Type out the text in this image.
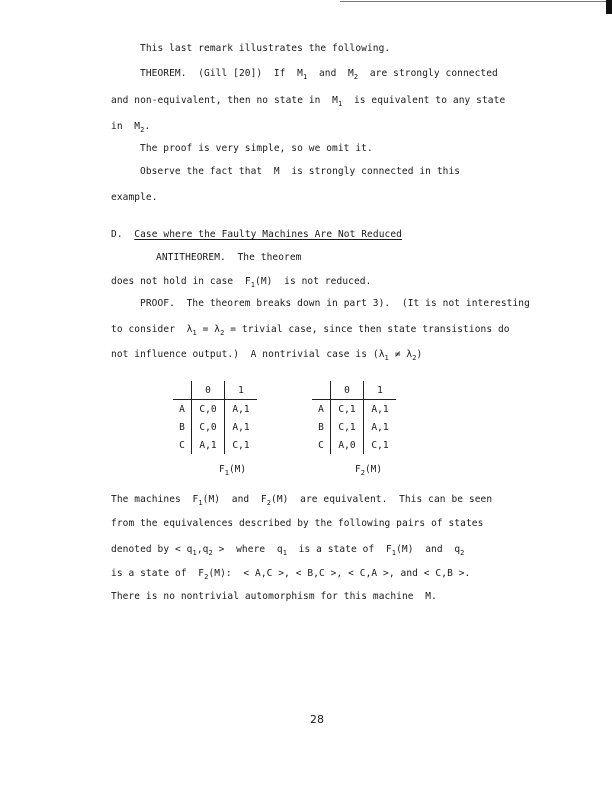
This last remark illustrates the following.
THEOREM. (Gill [20]) If $M_1$ and $M_2$ are strongly connected
and non-equivalent, then no state in $M_1$ is equivalent to any state
in $M_2$.
The proof is very simple, so we omit it.
Observe the fact that M is strongly connected in this
example.
D. Case where the Faulty Machines Are Not Reduced
ANTITHEOREM. The theorem
does not hold in case $F_1(M)$ is not reduced.
PROOF. The theorem breaks down in part 3). (It is not interesting
to consider $\lambda_1 = \lambda_2$ = trivial case, since then state transistions do
not influence output.) A nontrivial case is $(\lambda_1 \ne \lambda_2)$
	0	1
A	C,0	A,1
B	C,0	A,1
C	A,1	C,1
$F_1(M)$
	0	1
A	C,1	A,1
B	C,1	A,1
C	A,0	C,1
$F_2(M)$
The machines $F_1(M)$ and $F_2(M)$ are equivalent. This can be seen
from the equivalences described by the following pairs of states
denoted by < $q_1,q_2$ > where $q_1$ is a state of $F_1(M)$ and $q_2$
is a state of $F_2(M)$: < A,C >, < B,C >, < C,A >, and < C,B >.
There is no nontrivial automorphism for this machine M.
28
